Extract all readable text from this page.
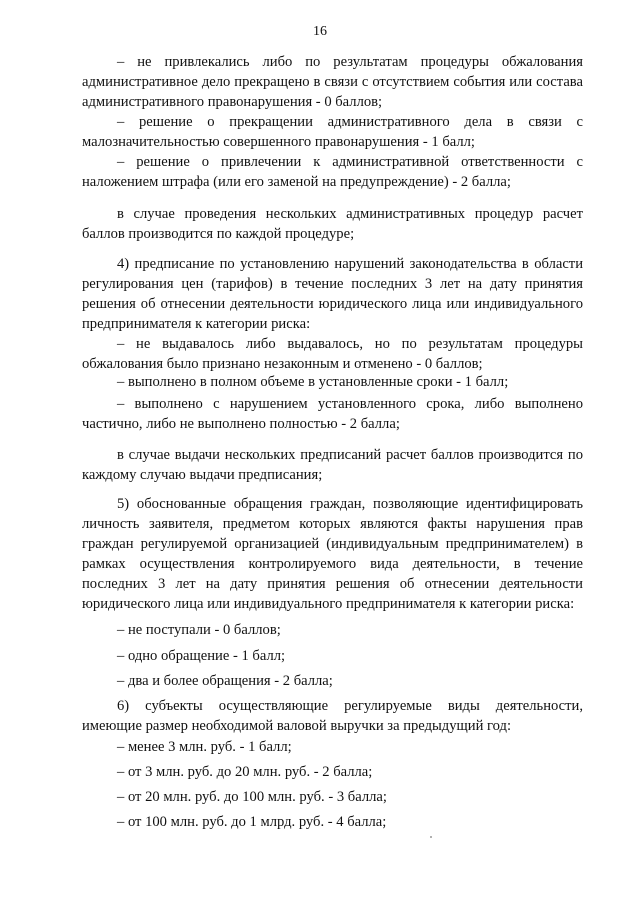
16

– не привлекались либо по результатам процедуры обжалования административное дело прекращено в связи с отсутствием события или состава административного правонарушения - 0 баллов;

– решение о прекращении административного дела в связи с малозначительностью совершенного правонарушения - 1 балл;

– решение о привлечении к административной ответственности с наложением штрафа (или его заменой на предупреждение) - 2 балла;

в случае проведения нескольких административных процедур расчет баллов производится по каждой процедуре;

4) предписание по установлению нарушений законодательства в области регулирования цен (тарифов) в течение последних 3 лет на дату принятия решения об отнесении деятельности юридического лица или индивидуального предпринимателя к категории риска:

– не выдавалось либо выдавалось, но по результатам процедуры обжалования было признано незаконным и отменено - 0 баллов;

– выполнено в полном объеме в установленные сроки - 1 балл;

– выполнено с нарушением установленного срока, либо выполнено частично, либо не выполнено полностью - 2 балла;

в случае выдачи нескольких предписаний расчет баллов производится по каждому случаю выдачи предписания;

5) обоснованные обращения граждан, позволяющие идентифицировать личность заявителя, предметом которых являются факты нарушения прав граждан регулируемой организацией (индивидуальным предпринимателем) в рамках осуществления контролируемого вида деятельности, в течение последних 3 лет на дату принятия решения об отнесении деятельности юридического лица или индивидуального предпринимателя к категории риска:

– не поступали - 0 баллов;

– одно обращение - 1 балл;

– два и более обращения - 2 балла;

6) субъекты осуществляющие регулируемые виды деятельности, имеющие размер необходимой валовой выручки за предыдущий год:

– менее 3 млн. руб. - 1 балл;

– от 3 млн. руб. до 20 млн. руб. - 2 балла;

– от 20 млн. руб. до 100 млн. руб. - 3 балла;

– от 100 млн. руб. до 1 млрд. руб. - 4 балла;
